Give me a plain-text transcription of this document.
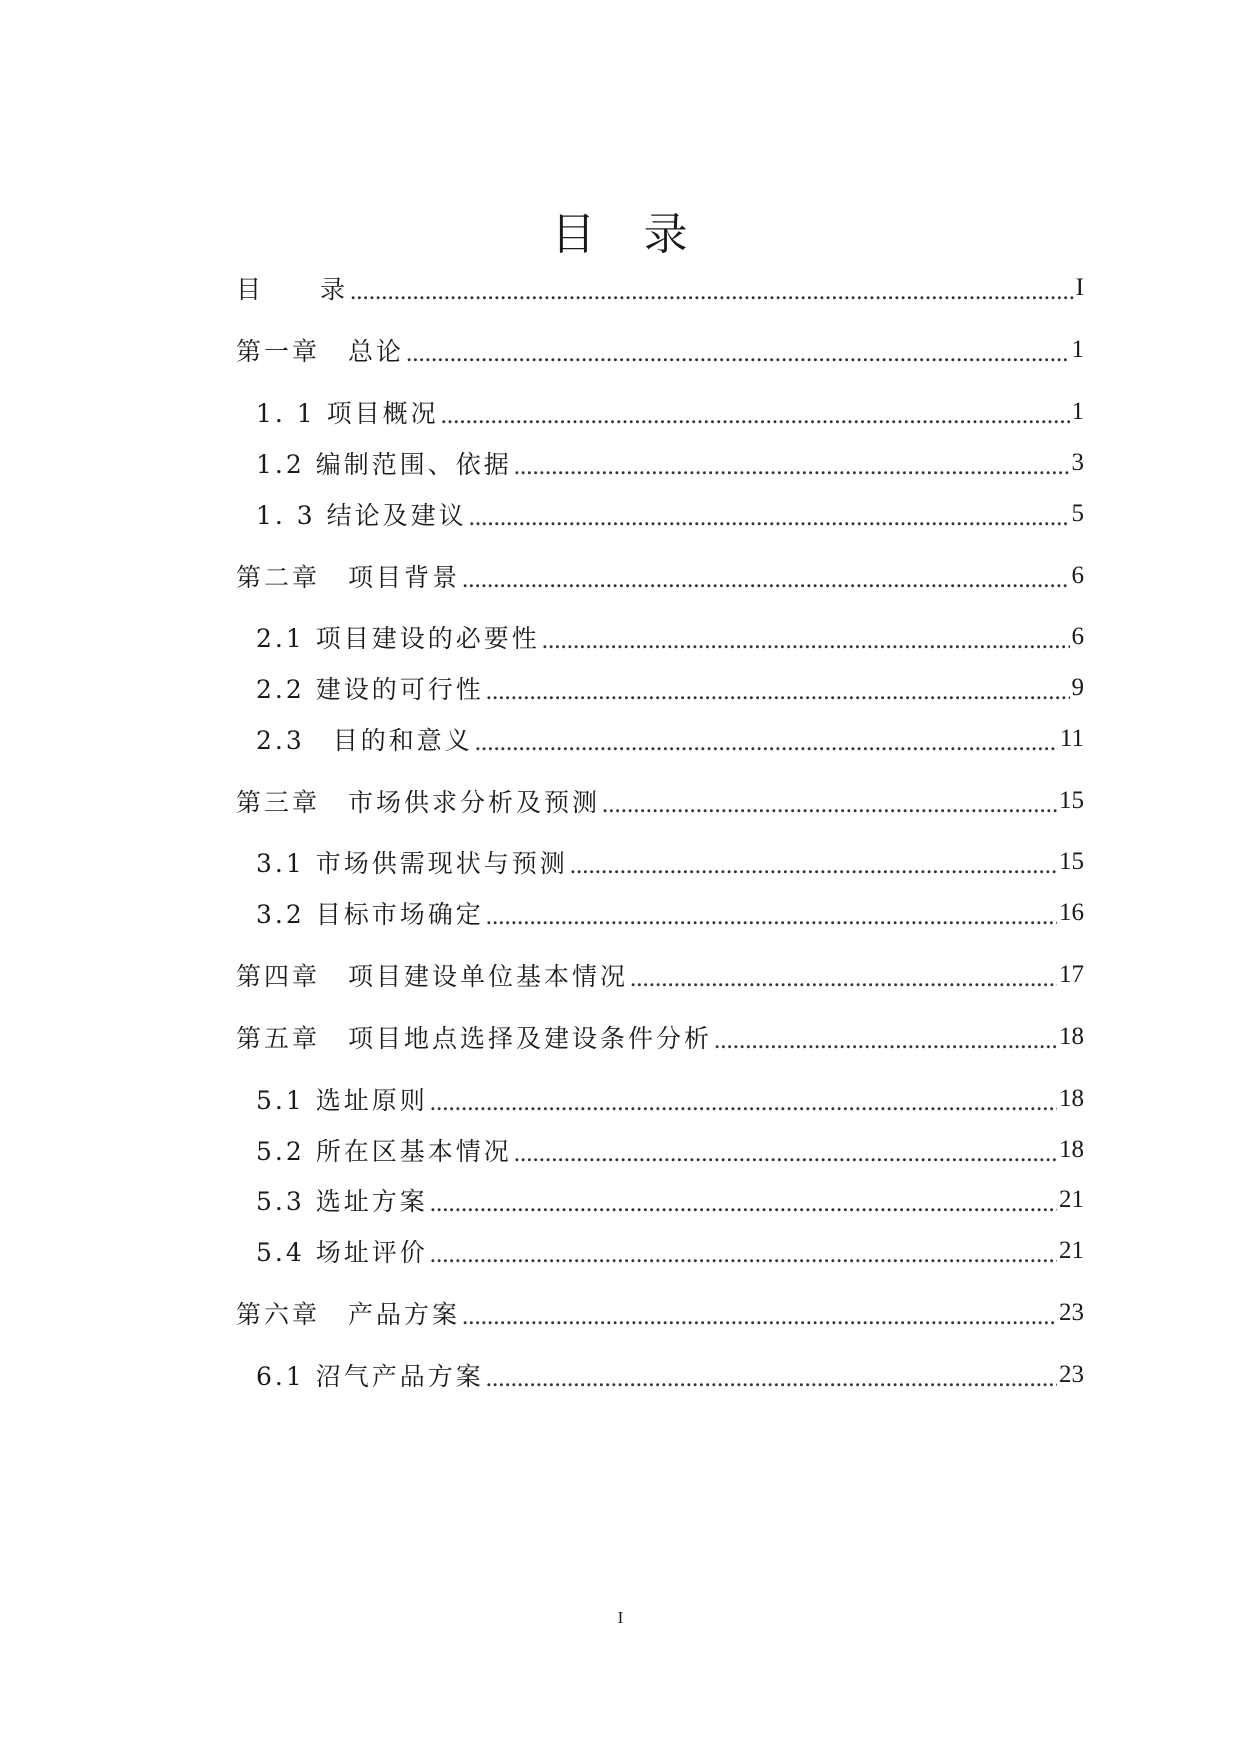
目　录
目　　录 .....	I
第一章　总论 .....	1
1. 1 项目概况 .....	1
1.2 编制范围、依据 .....	3
1. 3 结论及建议 .....	5
第二章　项目背景 .....	6
2.1 项目建设的必要性 .....	6
2.2 建设的可行性 .....	9
2.3　目的和意义 .....	11
第三章　市场供求分析及预测 .....	15
3.1 市场供需现状与预测 .....	15
3.2 目标市场确定 .....	16
第四章　项目建设单位基本情况 .....	17
第五章　项目地点选择及建设条件分析 .....	18
5.1 选址原则 .....	18
5.2 所在区基本情况 .....	18
5.3 选址方案 .....	21
5.4 场址评价 .....	21
第六章　产品方案 .....	23
6.1 沼气产品方案 .....	23
I
